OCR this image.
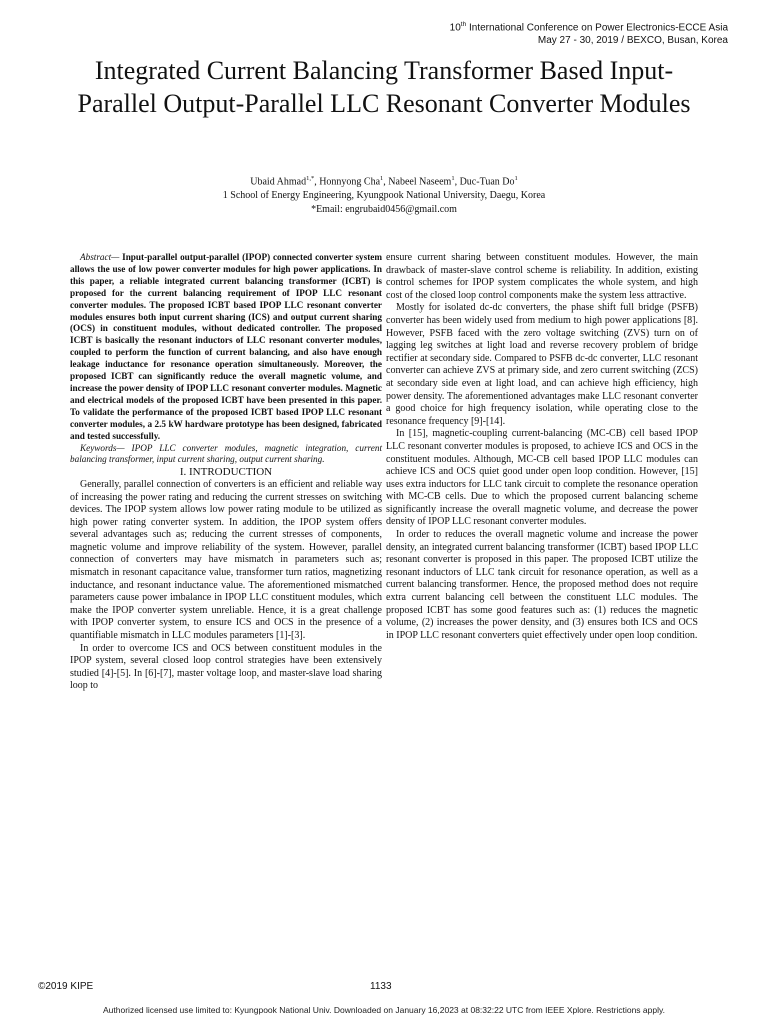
10th International Conference on Power Electronics-ECCE Asia
May 27 - 30, 2019 / BEXCO, Busan, Korea
Integrated Current Balancing Transformer Based Input-Parallel Output-Parallel LLC Resonant Converter Modules
Ubaid Ahmad$^{1,*}$, Honnyong Cha$^1$, Nabeel Naseem$^1$, Duc-Tuan Do$^1$
1 School of Energy Engineering, Kyungpook National University, Daegu, Korea
*Email: engrubaid0456@gmail.com

Abstract— Input-parallel output-parallel (IPOP) connected converter system allows the use of low power converter modules for high power applications. In this paper, a reliable integrated current balancing transformer (ICBT) is proposed for the current balancing requirement of IPOP LLC resonant converter modules. The proposed ICBT based IPOP LLC resonant converter modules ensures both input current sharing (ICS) and output current sharing (OCS) in constituent modules, without dedicated controller. The proposed ICBT is basically the resonant inductors of LLC resonant converter modules, coupled to perform the function of current balancing, and also have enough leakage inductance for resonance operation simultaneously. Moreover, the proposed ICBT can significantly reduce the overall magnetic volume, and increase the power density of IPOP LLC resonant converter modules. Magnetic and electrical models of the proposed ICBT have been presented in this paper. To validate the performance of the proposed ICBT based IPOP LLC resonant converter modules, a 2.5 kW hardware prototype has been designed, fabricated and tested successfully.

Keywords— IPOP LLC converter modules, magnetic integration, current balancing transformer, input current sharing, output current sharing.

I. INTRODUCTION

Generally, parallel connection of converters is an efficient and reliable way of increasing the power rating and reducing the current stresses on switching devices. The IPOP system allows low power rating module to be utilized as high power rating converter system. In addition, the IPOP system offers several advantages such as; reducing the current stresses of components, magnetic volume and improve reliability of the system. However, parallel connection of converters may have mismatch in parameters such as; mismatch in resonant capacitance value, transformer turn ratios, magnetizing inductance, and resonant inductance value. The aforementioned mismatched parameters cause power imbalance in IPOP LLC constituent modules, which make the IPOP converter system unreliable. Hence, it is a great challenge with IPOP converter system, to ensure ICS and OCS in the presence of a quantifiable mismatch in LLC modules parameters [1]-[3].

In order to overcome ICS and OCS between constituent modules in the IPOP system, several closed loop control strategies have been extensively studied [4]-[5]. In [6]-[7], master voltage loop, and master-slave load sharing loop to

ensure current sharing between constituent modules. However, the main drawback of master-slave control scheme is reliability. In addition, existing control schemes for IPOP system complicates the whole system, and high cost of the closed loop control components make the system less attractive.

Mostly for isolated dc-dc converters, the phase shift full bridge (PSFB) converter has been widely used from medium to high power applications [8]. However, PSFB faced with the zero voltage switching (ZVS) turn on of lagging leg switches at light load and reverse recovery problem of bridge rectifier at secondary side. Compared to PSFB dc-dc converter, LLC resonant converter can achieve ZVS at primary side, and zero current switching (ZCS) at secondary side even at light load, and can achieve high efficiency, high power density. The aforementioned advantages make LLC resonant converter a good choice for high frequency isolation, while operating close to the resonance frequency [9]-[14].

In [15], magnetic-coupling current-balancing (MC-CB) cell based IPOP LLC resonant converter modules is proposed, to achieve ICS and OCS in the constituent modules. Although, MC-CB cell based IPOP LLC modules can achieve ICS and OCS quiet good under open loop condition. However, [15] uses extra inductors for LLC tank circuit to complete the resonance operation with MC-CB cells. Due to which the proposed current balancing scheme significantly increase the overall magnetic volume, and decrease the power density of IPOP LLC resonant converter modules.

In order to reduces the overall magnetic volume and increase the power density, an integrated current balancing transformer (ICBT) based IPOP LLC resonant converter is proposed in this paper. The proposed ICBT utilize the resonant inductors of LLC tank circuit for resonance operation, as well as a current balancing transformer. Hence, the proposed method does not require extra current balancing cell between the constituent LLC modules. The proposed ICBT has some good features such as: (1) reduces the magnetic volume, (2) increases the power density, and (3) ensures both ICS and OCS in IPOP LLC resonant converters quiet effectively under open loop condition.

©2019 KIPE	1133
Authorized licensed use limited to: Kyungpook National Univ. Downloaded on January 16,2023 at 08:32:22 UTC from IEEE Xplore. Restrictions apply.
